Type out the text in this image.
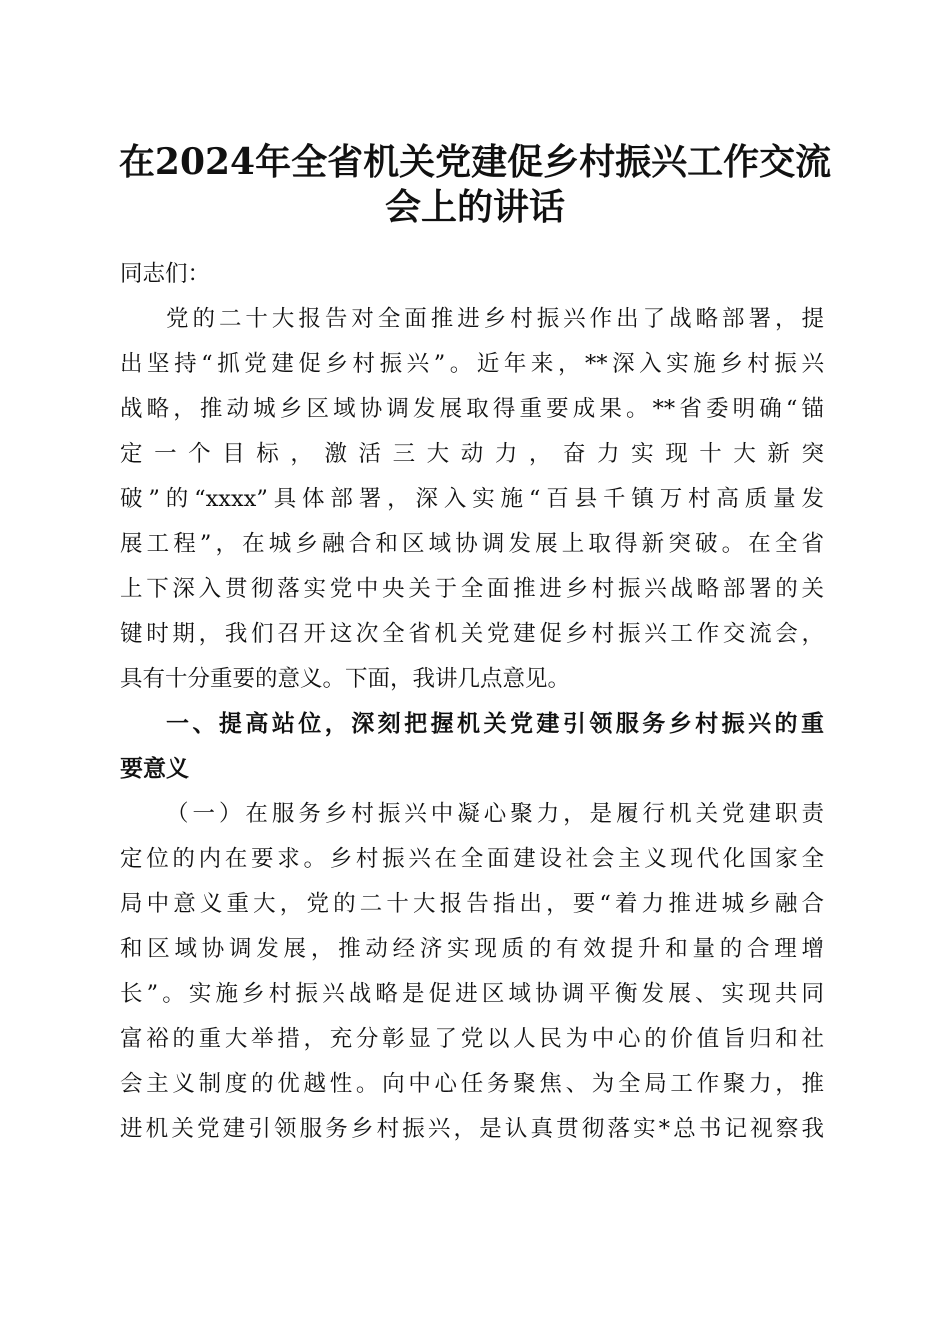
在2024年全省机关党建促乡村振兴工作交流
会上的讲话
同志们：
党的二十大报告对全面推进乡村振兴作出了战略部署，提
出坚持“抓党建促乡村振兴”。近年来，**深入实施乡村振兴
战略，推动城乡区域协调发展取得重要成果。**省委明确“锚
定一个目标，激活三大动力，奋力实现十大新突
破”的“xxxx”具体部署，深入实施“百县千镇万村高质量发
展工程”，在城乡融合和区域协调发展上取得新突破。在全省
上下深入贯彻落实党中央关于全面推进乡村振兴战略部署的关
键时期，我们召开这次全省机关党建促乡村振兴工作交流会，
具有十分重要的意义。下面，我讲几点意见。
一、提高站位，深刻把握机关党建引领服务乡村振兴的重
要意义
（一）在服务乡村振兴中凝心聚力，是履行机关党建职责
定位的内在要求。乡村振兴在全面建设社会主义现代化国家全
局中意义重大，党的二十大报告指出，要“着力推进城乡融合
和区域协调发展，推动经济实现质的有效提升和量的合理增
长”。实施乡村振兴战略是促进区域协调平衡发展、实现共同
富裕的重大举措，充分彰显了党以人民为中心的价值旨归和社
会主义制度的优越性。向中心任务聚焦、为全局工作聚力，推
进机关党建引领服务乡村振兴，是认真贯彻落实*总书记视察我
